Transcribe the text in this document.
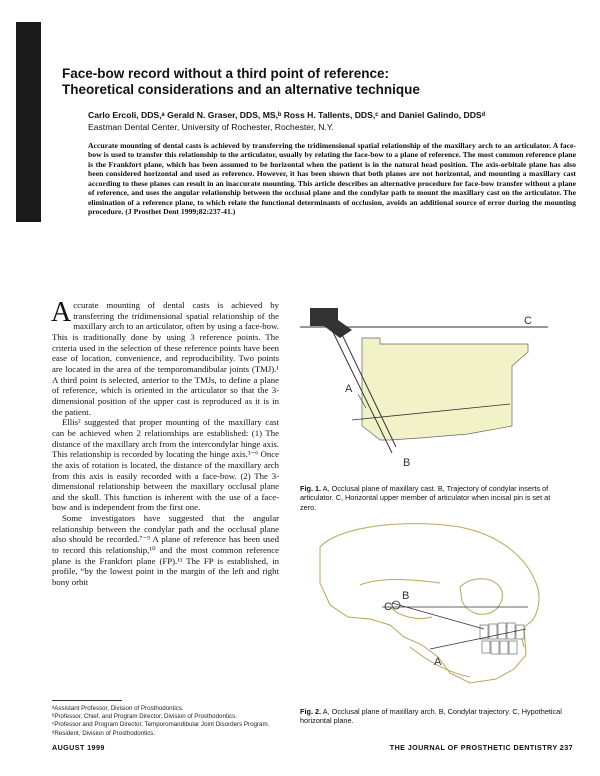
Face-bow record without a third point of reference:
Theoretical considerations and an alternative technique
Carlo Ercoli, DDS,ᵃ Gerald N. Graser, DDS, MS,ᵇ Ross H. Tallents, DDS,ᶜ and Daniel Galindo, DDSᵈ
Eastman Dental Center, University of Rochester, Rochester, N.Y.
Accurate mounting of dental casts is achieved by transferring the tridimensional spatial relationship of the maxillary arch to an articulator. A face-bow is used to transfer this relationship to the articulator, usually by relating the face-bow to a plane of reference. The most common reference plane is the Frankfort plane, which has been assumed to be horizontal when the patient is in the natural head position. The axis-orbitale plane has also been considered horizontal and used as reference. However, it has been shown that both planes are not horizontal, and mounting a maxillary cast according to these planes can result in an inaccurate mounting. This article describes an alternative procedure for face-bow transfer without a plane of reference, and uses the angular relationship between the occlusal plane and the condylar path to mount the maxillary cast on the articulator. The elimination of a reference plane, to which relate the functional determinants of occlusion, avoids an additional source of error during the mounting procedure. (J Prosthet Dent 1999;82:237-41.)

Accurate mounting of dental casts is achieved by transferring the tridimensional spatial relationship of the maxillary arch to an articulator, often by using a face-bow. This is traditionally done by using 3 reference points. The criteria used in the selection of these reference points have been ease of location, convenience, and reproducibility. Two points are located in the area of the temporomandibular joints (TMJ).¹ A third point is selected, anterior to the TMJs, to define a plane of reference, which is oriented in the articulator so that the 3-dimensional position of the upper cast is reproduced as it is in the patient.

Ellis² suggested that proper mounting of the maxillary cast can be achieved when 2 relationships are established: (1) The distance of the maxillary arch from the intercondylar hinge axis. This relationship is recorded by locating the hinge axis.³⁻⁶ Once the axis of rotation is located, the distance of the maxillary arch from this axis is easily recorded with a face-bow. (2) The 3-dimensional relationship between the maxillary occlusal plane and the skull. This function is inherent with the use of a face-bow and is independent from the first one.

Some investigators have suggested that the angular relationship between the condylar path and the occlusal plane also should be recorded.⁷⁻⁹ A plane of reference has been used to record this relationship,¹⁰ and the most common reference plane is the Frankfort plane (FP).¹¹ The FP is established, in profile, “by the lowest point in the margin of the left and right bony orbit

ᵃAssistant Professor, Division of Prosthodontics.
ᵇProfessor, Chief, and Program Director, Division of Prosthodontics.
ᶜProfessor and Program Director, Temporomandibular Joint Disorders Program.
ᵈResident, Division of Prosthodontics.
A
B
C
Fig. 1. A, Occlusal plane of maxillary cast. B, Trajectory of condylar inserts of articulator. C, Horizontal upper member of articulator when incisal pin is set at zero.
B
C
A
Fig. 2. A, Occlusal plane of maxillary arch. B, Condylar trajectory. C, Hypothetical horizontal plane.
AUGUST 1999	THE JOURNAL OF PROSTHETIC DENTISTRY 237
